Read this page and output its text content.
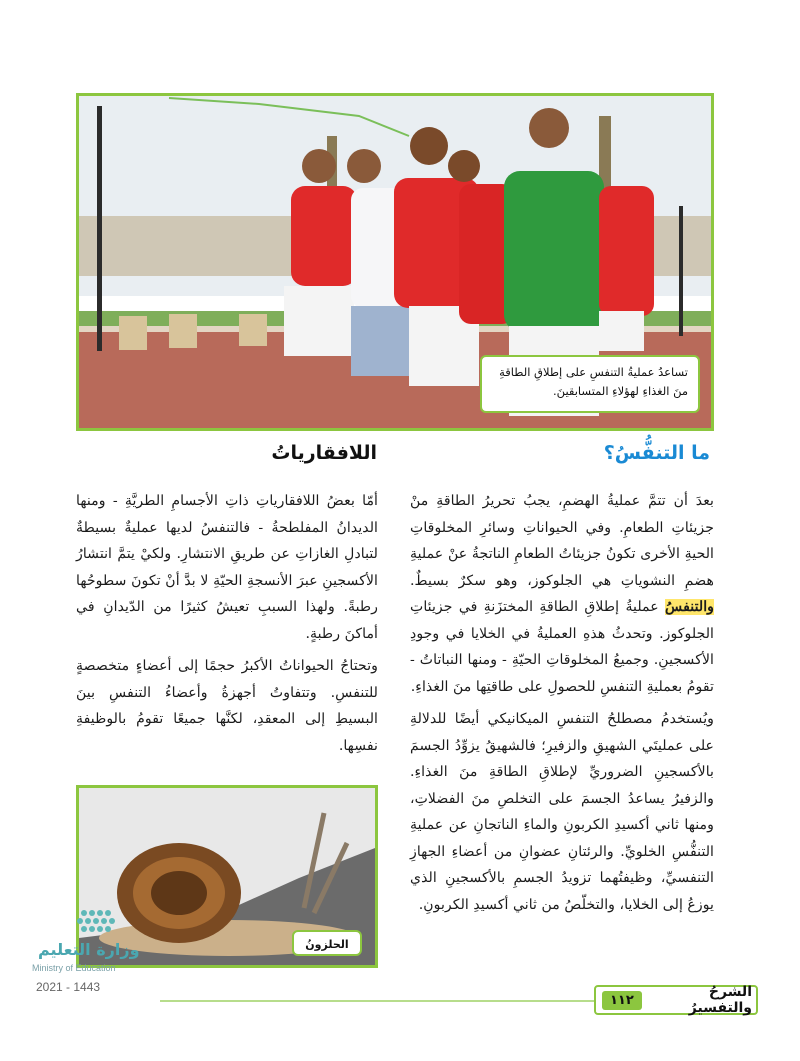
تساعدُ عمليةُ التنفسِ على إطلاقِ الطاقةِ
منَ الغذاءِ لهؤلاءِ المتسابقينَ.
ما التنفُّسُ؟
اللافقارياتُ

بعدَ أن تتمَّ عمليةُ الهضمِ، يجبُ تحريرُ الطاقةِ منْ جزيئاتِ الطعامِ. وفي الحيواناتِ وسائرِ المخلوقاتِ الحيةِ الأخرى تكونُ جزيئاتُ الطعامِ الناتجةُ عنْ عمليةِ هضمِ النشوياتِ هي الجلوكوز، وهو سكرٌ بسيطٌ. والتنفسُ عمليةُ إطلاقِ الطاقةِ المختزَنةِ في جزيئاتِ الجلوكوز. وتحدثُ هذهِ العمليةُ في الخلايا في وجودِ الأكسجينِ. وجميعُ المخلوقاتِ الحيّةِ - ومنها النباتاتُ - تقومُ بعمليةِ التنفسِ للحصولِ على طاقتِها منَ الغذاءِ.

ويُستخدمُ مصطلحُ التنفسِ الميكانيكي أيضًا للدلالةِ على عمليتَي الشهيقِ والزفيرِ؛ فالشهيقُ يزوِّدُ الجسمَ بالأكسجينِ الضروريِّ لإطلاقِ الطاقةِ منَ الغذاءِ. والزفيرُ يساعدُ الجسمَ على التخلصِ منَ الفضلاتِ، ومنها ثاني أكسيدِ الكربونِ والماءِ الناتجانِ عن عمليةِ التنفُّسِ الخلويِّ. والرئتانِ عضوانِ من أعضاءِ الجهازِ التنفسيِّ، وظيفتُهما تزويدُ الجسمِ بالأكسجينِ الذي يوزعُ إلى الخلايا، والتخلّصُ من ثاني أكسيدِ الكربونِ.

أمّا بعضُ اللافقارياتِ ذاتِ الأجسامِ الطريَّةِ - ومنها الديدانُ المفلطحةُ - فالتنفسُ لديها عمليةٌ بسيطةٌ لتبادلِ الغازاتِ عن طريقِ الانتشارِ. ولكيْ يتمَّ انتشارُ الأكسجينِ عبرَ الأنسجةِ الحيّةِ لا بدَّ أنْ تكونَ سطوحُها رطبةً. ولهذا السببِ تعيشُ كثيرًا من الدّيدانِ في أماكنَ رطبةٍ.

وتحتاجُ الحيواناتُ الأكبرُ حجمًا إلى أعضاءٍ متخصصةٍ للتنفسِ. وتتفاوتُ أجهزةُ وأعضاءُ التنفسِ بينَ البسيطِ إلى المعقدِ، لكنَّها جميعًا تقومُ بالوظيفةِ نفسِها.

الحلزونُ
وزارة التعليم
Ministry of Education
2021 - 1443	الشرحُ والتفسيرُ
١١٢
